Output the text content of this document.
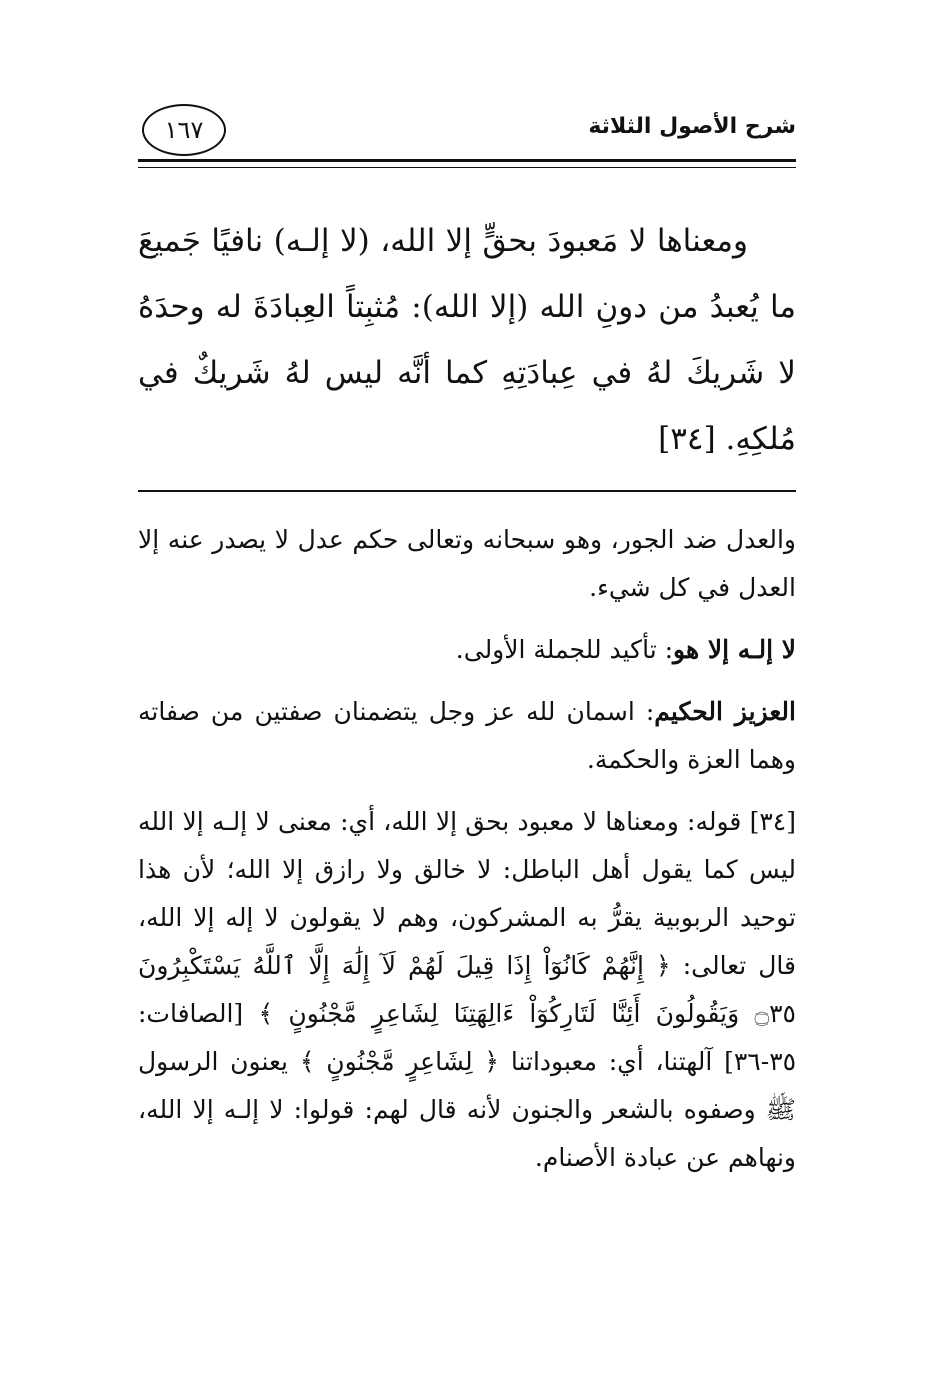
شرح الأصول الثلاثة
١٦٧

ومعناها لا مَعبودَ بحقٍّ إلا الله، (لا إلـه) نافيًا جَميعَ ما يُعبدُ من دونِ الله (إلا الله): مُثبِتاً العِبادَةَ له وحدَهُ لا شَريكَ لهُ في عِبادَتِهِ كما أنَّه ليس لهُ شَريكٌ في مُلكِهِ. [٣٤]

والعدل ضد الجور، وهو سبحانه وتعالى حكم عدل لا يصدر عنه إلا العدل في كل شيء.

لا إلـه إلا هو: تأكيد للجملة الأولى.

العزيز الحكيم: اسمان لله عز وجل يتضمنان صفتين من صفاته وهما العزة والحكمة.

[٣٤] قوله: ومعناها لا معبود بحق إلا الله، أي: معنى لا إلـه إلا الله ليس كما يقول أهل الباطل: لا خالق ولا رازق إلا الله؛ لأن هذا توحيد الربوبية يقرُّ به المشركون، وهم لا يقولون لا إله إلا الله، قال تعالى: ﴿ إِنَّهُمْ كَانُوٓاْ إِذَا قِيلَ لَهُمْ لَآ إِلَٰهَ إِلَّا ٱللَّهُ يَسْتَكْبِرُونَ ۝٣٥ وَيَقُولُونَ أَئِنَّا لَتَارِكُوٓاْ ءَالِهَتِنَا لِشَاعِرٍ مَّجْنُونٍ ﴾ [الصافات: ٣٥-٣٦] آلهتنا، أي: معبوداتنا ﴿ لِشَاعِرٍ مَّجْنُونٍ ﴾ يعنون الرسول ﷺ وصفوه بالشعر والجنون لأنه قال لهم: قولوا: لا إلـه إلا الله، ونهاهم عن عبادة الأصنام.
